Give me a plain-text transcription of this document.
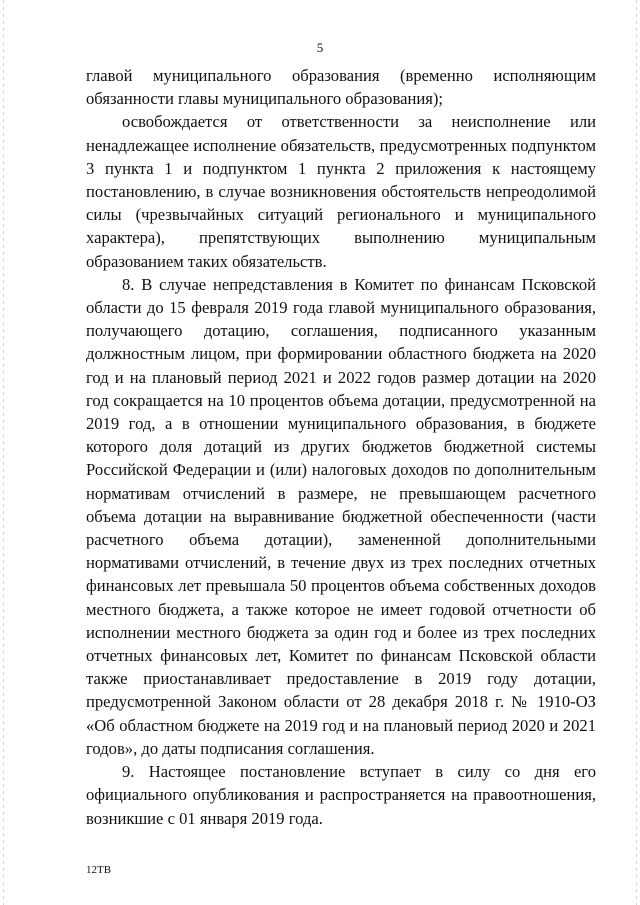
5

главой муниципального образования (временно исполняющим обязанности главы муниципального образования);

освобождается от ответственности за неисполнение или ненадлежащее исполнение обязательств, предусмотренных подпунктом 3 пункта 1 и подпунктом 1 пункта 2 приложения к настоящему постановлению, в случае возникновения обстоятельств непреодолимой силы (чрезвычайных ситуаций регионального и муниципального характера), препятствующих выполнению муниципальным образованием таких обязательств.

8. В случае непредставления в Комитет по финансам Псковской области до 15 февраля 2019 года главой муниципального образования, получающего дотацию, соглашения, подписанного указанным должностным лицом, при формировании областного бюджета на 2020 год и на плановый период 2021 и 2022 годов размер дотации на 2020 год сокращается на 10 процентов объема дотации, предусмотренной на 2019 год, а в отношении муниципального образования, в бюджете которого доля дотаций из других бюджетов бюджетной системы Российской Федерации и (или) налоговых доходов по дополнительным нормативам отчислений в размере, не превышающем расчетного объема дотации на выравнивание бюджетной обеспеченности (части расчетного объема дотации), замененной дополнительными нормативами отчислений, в течение двух из трех последних отчетных финансовых лет превышала 50 процентов объема собственных доходов местного бюджета, а также которое не имеет годовой отчетности об исполнении местного бюджета за один год и более из трех последних отчетных финансовых лет, Комитет по финансам Псковской области также приостанавливает предоставление в 2019 году дотации, предусмотренной Законом области от 28 декабря 2018 г. № 1910-ОЗ «Об областном бюджете на 2019 год и на плановый период 2020 и 2021 годов», до даты подписания соглашения.

9. Настоящее постановление вступает в силу со дня его официального опубликования и распространяется на правоотношения, возникшие с 01 января 2019 года.

12ТВ
